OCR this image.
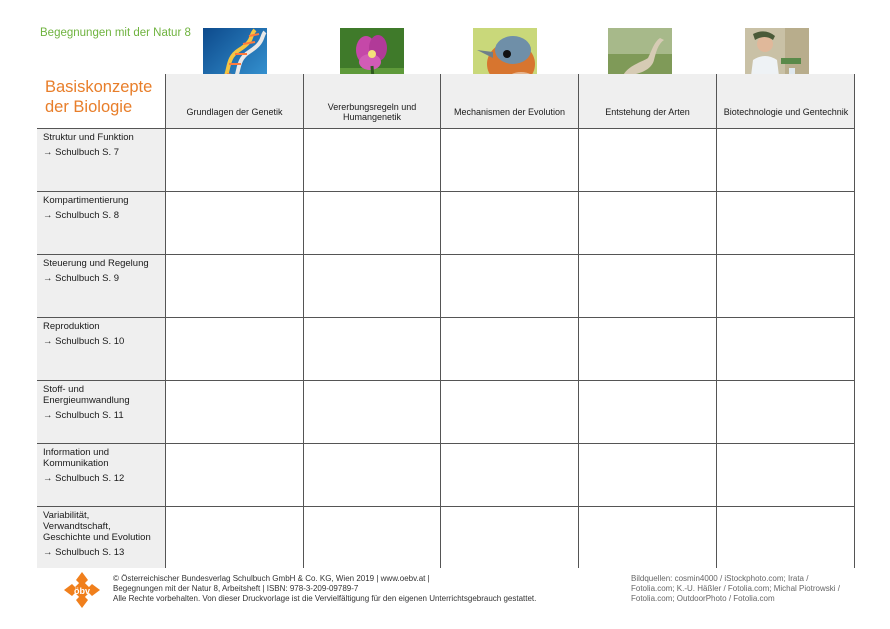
Begegnungen mit der Natur 8
Basiskonzepte der Biologie	Grundlagen der Genetik	Vererbungsregeln und Humangenetik	Mechanismen der Evolution	Entstehung der Arten	Biotechnologie und Gentechnik
Struktur und Funktion
→ Schulbuch S. 7
Kompartimentierung
→ Schulbuch S. 8
Steuerung und Regelung
→ Schulbuch S. 9
Reproduktion
→ Schulbuch S. 10
Stoff- und Energieumwandlung
→ Schulbuch S. 11
Information und Kommunikation
→ Schulbuch S. 12
Variabilität, Verwandtschaft, Geschichte und Evolution
→ Schulbuch S. 13
öbv
© Österreichischer Bundesverlag Schulbuch GmbH & Co. KG, Wien 2019 | www.oebv.at |
Begegnungen mit der Natur 8, Arbeitsheft | ISBN: 978-3-209-09789-7
Alle Rechte vorbehalten. Von dieser Druckvorlage ist die Vervielfältigung für den eigenen Unterrichtsgebrauch gestattet.
Bildquellen: cosmin4000 / iStockphoto.com; Irata / Fotolia.com; K.-U. Häßler / Fotolia.com; Michal Piotrowski / Fotolia.com; OutdoorPhoto / Fotolia.com
